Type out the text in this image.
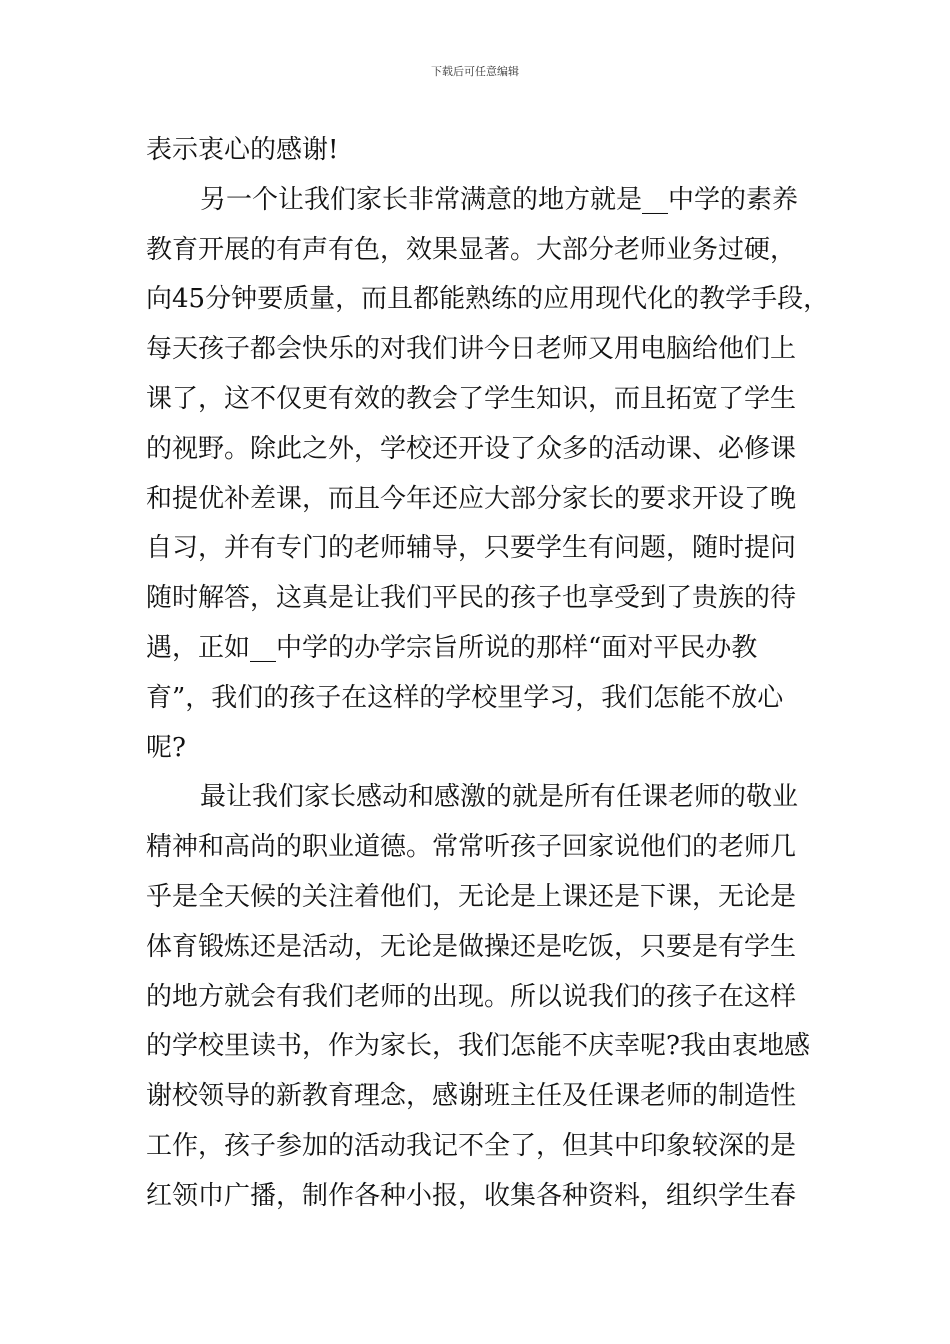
下载后可任意编辑
表示衷心的感谢!
另一个让我们家长非常满意的地方就是__中学的素养
教育开展的有声有色，效果显著。大部分老师业务过硬，
向45分钟要质量，而且都能熟练的应用现代化的教学手段，
每天孩子都会快乐的对我们讲今日老师又用电脑给他们上
课了，这不仅更有效的教会了学生知识，而且拓宽了学生
的视野。除此之外，学校还开设了众多的活动课、必修课
和提优补差课，而且今年还应大部分家长的要求开设了晚
自习，并有专门的老师辅导，只要学生有问题，随时提问
随时解答，这真是让我们平民的孩子也享受到了贵族的待
遇，正如__中学的办学宗旨所说的那样“面对平民办教
育”，我们的孩子在这样的学校里学习，我们怎能不放心
呢?
最让我们家长感动和感激的就是所有任课老师的敬业
精神和高尚的职业道德。常常听孩子回家说他们的老师几
乎是全天候的关注着他们，无论是上课还是下课，无论是
体育锻炼还是活动，无论是做操还是吃饭，只要是有学生
的地方就会有我们老师的出现。所以说我们的孩子在这样
的学校里读书，作为家长，我们怎能不庆幸呢?我由衷地感
谢校领导的新教育理念，感谢班主任及任课老师的制造性
工作，孩子参加的活动我记不全了，但其中印象较深的是
红领巾广播，制作各种小报，收集各种资料，组织学生春
